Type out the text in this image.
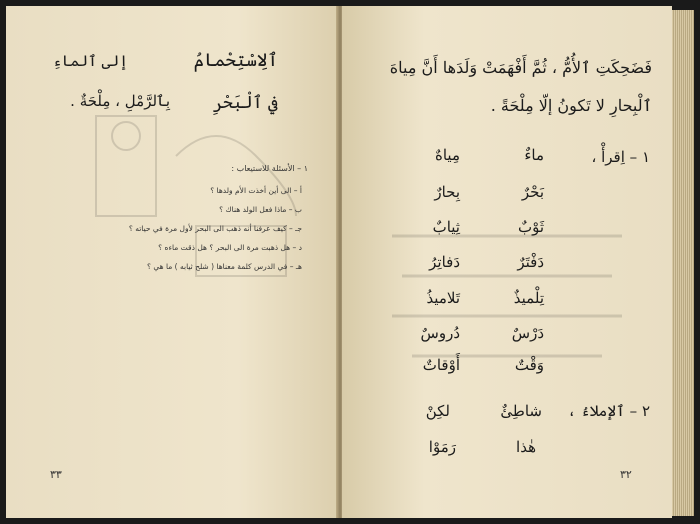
ٱلِاسْتِحْمامُ
إلى ٱلماءِ
في ٱلْبَحْرِ
بِٱلرَّمْلِ ، مِلْحَةٌ .
١ – الأسئلة للاستيعاب :
أ – الى أين أخذت الأم ولدها ؟
ب – ماذا فعل الولد هناك ؟
جـ – كيف عرفنا أنه ذهب الى البحر لأول مرة في حياته ؟
د – هل ذهبت مرة الى البحر ؟ هل ذقت ماءه ؟
هـ – في الدرس كلمة معناها ( شلح ثيابه ) ما هي ؟
٣٣
فَضَحِكَتِ ٱلأُمُّ ، ثُمَّ أَفْهَمَتْ وَلَدَها أَنَّ مِياهَ
ٱلْبِحارِ لا تَكونُ إلّا مِلْحَةً .
١ – اِقرأْ ،
ماءٌ
مِياهٌ
بَحْرٌ
بِحارٌ
ثَوْبٌ
ثِيابٌ
دَفْتَرٌ
دَفاتِرُ
تِلْميذٌ
تَلاميذُ
دَرْسٌ
دُروسٌ
وَقْتٌ
أَوْقاتٌ
٢ – ٱلإملاءُ ،
شاطِئٌ
لكِنْ
هٰذا
رَمَوْا
٣٢
